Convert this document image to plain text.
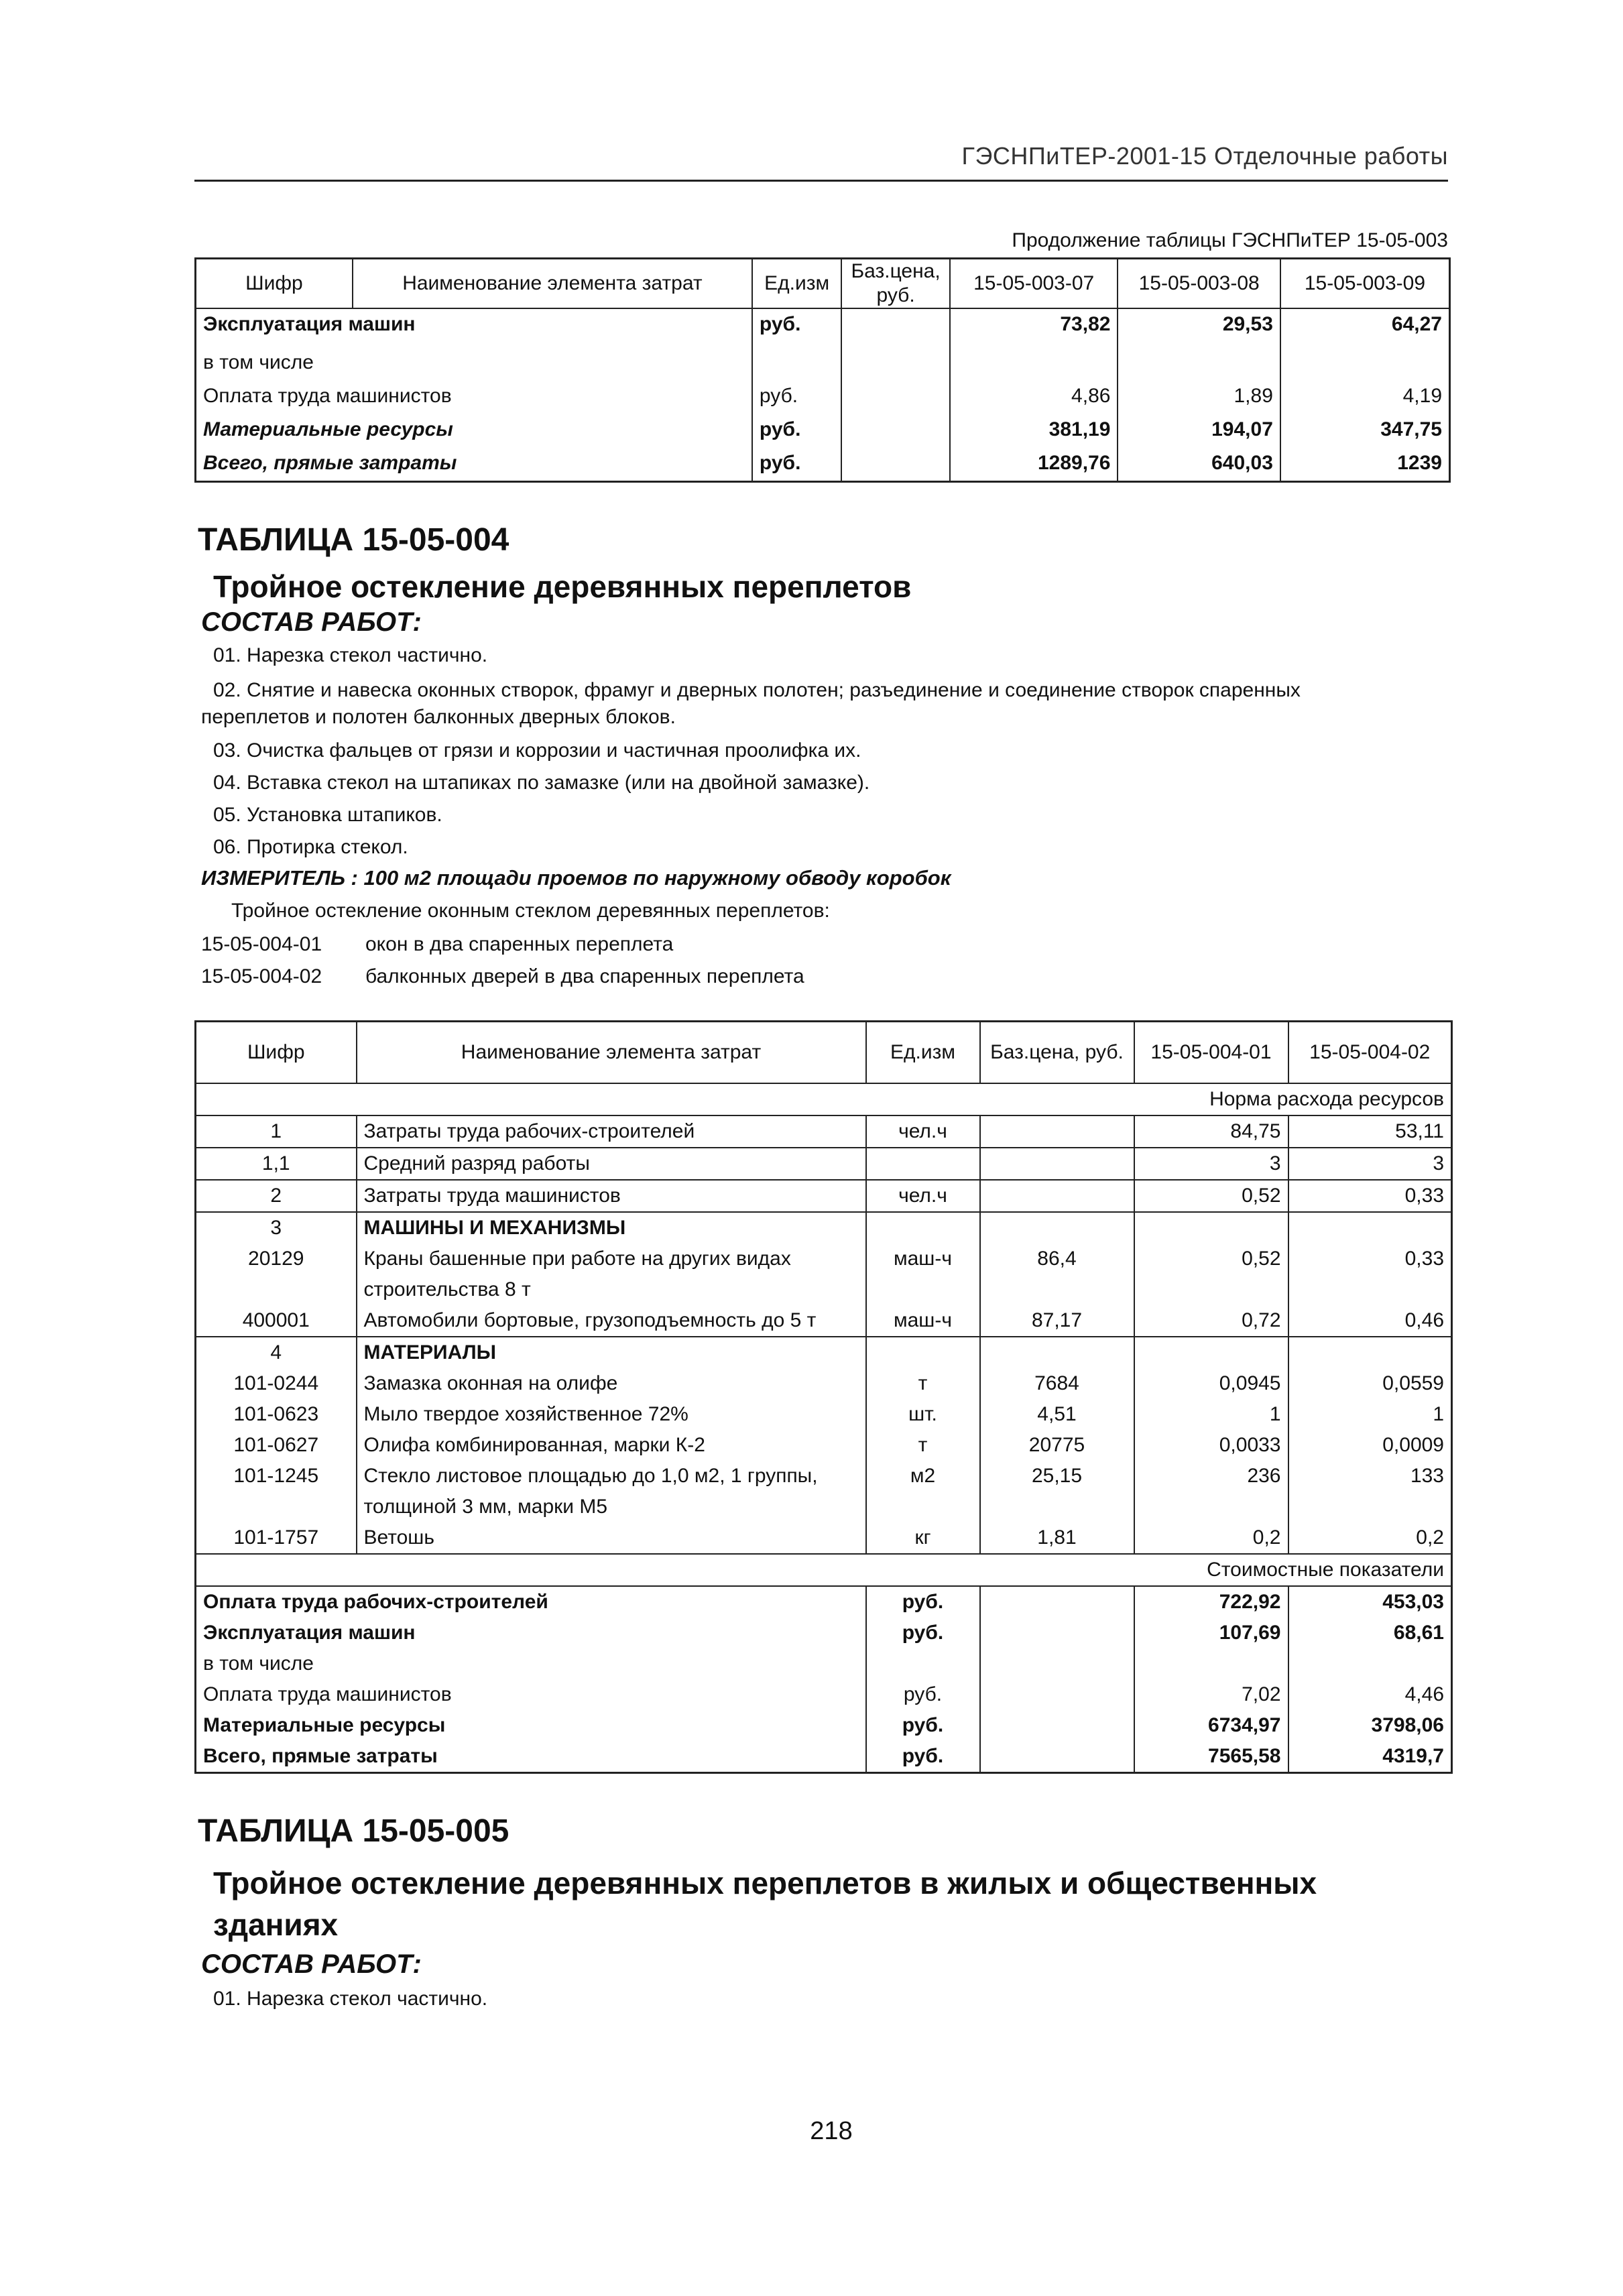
ГЭСНПиТЕР-2001-15 Отделочные работы
Продолжение таблицы ГЭСНПиТЕР 15-05-003
Шифр	Наименование элемента затрат	Ед.изм	Баз.цена, руб.	15-05-003-07	15-05-003-08	15-05-003-09
Эксплуатация машин		руб.		73,82	29,53	64,27
в том числе						
Оплата труда машинистов		руб.		4,86	1,89	4,19
Материальные ресурсы		руб.		381,19	194,07	347,75
Всего, прямые затраты		руб.		1289,76	640,03	1239
ТАБЛИЦА 15-05-004
Тройное остекление деревянных переплетов
СОСТАВ РАБОТ:
01. Нарезка стекол частично.
02. Снятие и навеска оконных створок, фрамуг и дверных полотен; разъединение и соединение створок спаренных
переплетов и полотен балконных дверных блоков.
03. Очистка фальцев от грязи и коррозии и частичная проолифка их.
04. Вставка стекол на штапиках по замазке (или на двойной замазке).
05. Установка штапиков.
06. Протирка стекол.
ИЗМЕРИТЕЛЬ : 100 м2 площади проемов по наружному обводу коробок
Тройное остекление оконным стеклом деревянных переплетов:
15-05-004-01 окон в два спаренных переплета
15-05-004-02 балконных дверей в два спаренных переплета
Шифр	Наименование элемента затрат	Ед.изм	Баз.цена, руб.	15-05-004-01	15-05-004-02
Норма расхода ресурсов					
1	Затраты труда рабочих-строителей	чел.ч		84,75	53,11
1,1	Средний разряд работы			3	3
2	Затраты труда машинистов	чел.ч		0,52	0,33
3	МАШИНЫ И МЕХАНИЗМЫ				
20129	Краны башенные при работе на других видах
строительства 8 т	маш-ч	86,4	0,52	0,33
400001	Автомобили бортовые, грузоподъемность до 5 т	маш-ч	87,17	0,72	0,46
4	МАТЕРИАЛЫ				
101-0244	Замазка оконная на олифе	т	7684	0,0945	0,0559
101-0623	Мыло твердое хозяйственное 72%	шт.	4,51	1	1
101-0627	Олифа комбинированная, марки К-2	т	20775	0,0033	0,0009
101-1245	Стекло листовое площадью до 1,0 м2, 1 группы,
толщиной 3 мм, марки М5	м2	25,15	236	133
101-1757	Ветошь	кг	1,81	0,2	0,2
Стоимостные показатели					
Оплата труда рабочих-строителей		руб.		722,92	453,03
Эксплуатация машин		руб.		107,69	68,61
в том числе					
Оплата труда машинистов		руб.		7,02	4,46
Материальные ресурсы		руб.		6734,97	3798,06
Всего, прямые затраты		руб.		7565,58	4319,7
ТАБЛИЦА 15-05-005
Тройное остекление деревянных переплетов в жилых и общественных зданиях
СОСТАВ РАБОТ:
01. Нарезка стекол частично.
218
